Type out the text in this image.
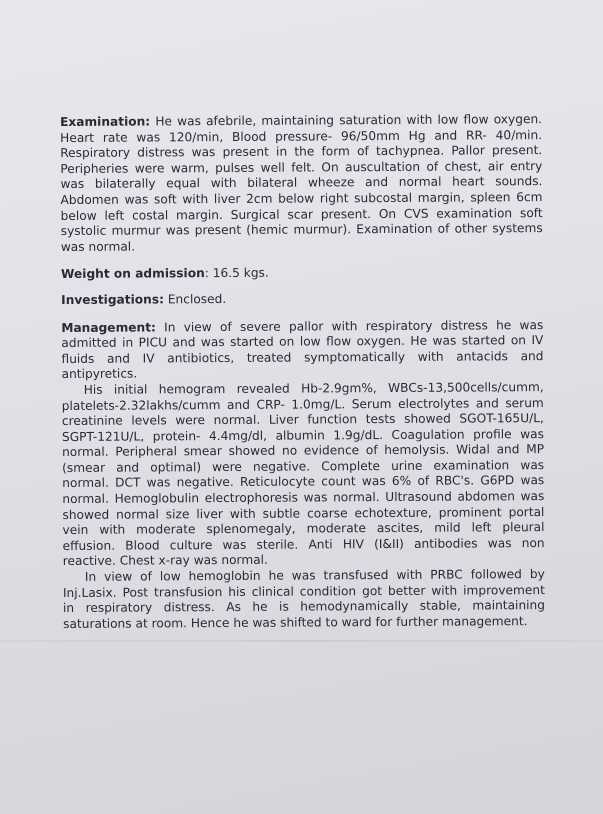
Examination: He was afebrile, maintaining saturation with low flow oxygen.
Heart rate was 120/min, Blood pressure- 96/50mm Hg and RR- 40/min.
Respiratory distress was present in the form of tachypnea. Pallor present.
Peripheries were warm, pulses well felt. On auscultation of chest, air entry
was bilaterally equal with bilateral wheeze and normal heart sounds.
Abdomen was soft with liver 2cm below right subcostal margin, spleen 6cm
below left costal margin. Surgical scar present. On CVS examination soft
systolic murmur was present (hemic murmur). Examination of other systems
was normal.
Weight on admission: 16.5 kgs.
Investigations: Enclosed.
Management: In view of severe pallor with respiratory distress he was
admitted in PICU and was started on low flow oxygen. He was started on IV
fluids and IV antibiotics, treated symptomatically with antacids and
antipyretics.
His initial hemogram revealed Hb-2.9gm%, WBCs-13,500cells/cumm,
platelets-2.32lakhs/cumm and CRP- 1.0mg/L. Serum electrolytes and serum
creatinine levels were normal. Liver function tests showed SGOT-165U/L,
SGPT-121U/L, protein- 4.4mg/dl, albumin 1.9g/dL. Coagulation profile was
normal. Peripheral smear showed no evidence of hemolysis. Widal and MP
(smear and optimal) were negative. Complete urine examination was
normal. DCT was negative. Reticulocyte count was 6% of RBC's. G6PD was
normal. Hemoglobulin electrophoresis was normal. Ultrasound abdomen was
showed normal size liver with subtle coarse echotexture, prominent portal
vein with moderate splenomegaly, moderate ascites, mild left pleural
effusion. Blood culture was sterile. Anti HIV (I&II) antibodies was non
reactive. Chest x-ray was normal.
In view of low hemoglobin he was transfused with PRBC followed by
Inj.Lasix. Post transfusion his clinical condition got better with improvement
in respiratory distress. As he is hemodynamically stable, maintaining
saturations at room. Hence he was shifted to ward for further management.
